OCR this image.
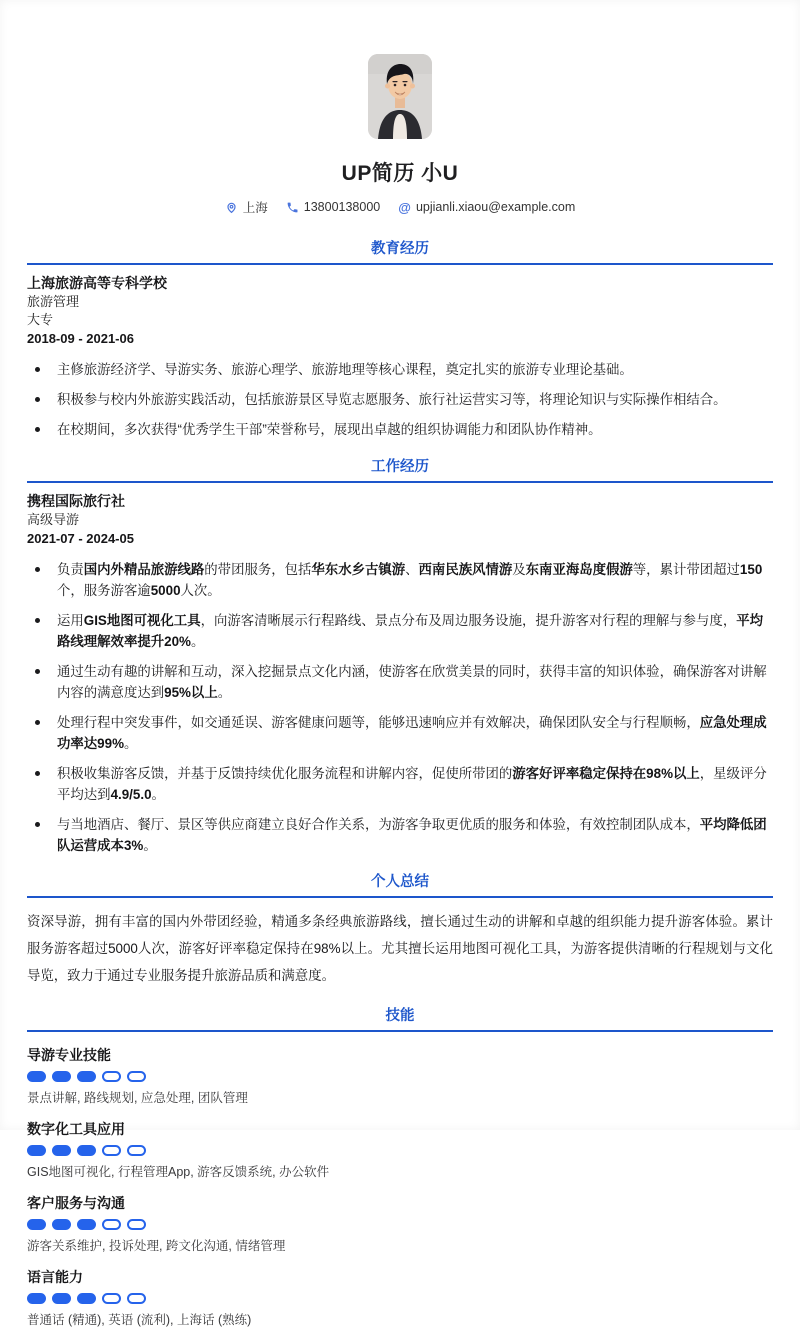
UP简历 小U
上海	13800138000 @ upjianli.xiaou@example.com
教育经历
上海旅游高等专科学校
旅游管理
大专
2018-09 - 2021-06
主修旅游经济学、导游实务、旅游心理学、旅游地理等核心课程，奠定扎实的旅游专业理论基础。
积极参与校内外旅游实践活动，包括旅游景区导览志愿服务、旅行社运营实习等，将理论知识与实际操作相结合。
在校期间，多次获得“优秀学生干部”荣誉称号，展现出卓越的组织协调能力和团队协作精神。
工作经历
携程国际旅行社
高级导游
2021-07 - 2024-05
负责国内外精品旅游线路的带团服务，包括华东水乡古镇游、西南民族风情游及东南亚海岛度假游等，累计带团超过150个，服务游客逾5000人次。
运用GIS地图可视化工具，向游客清晰展示行程路线、景点分布及周边服务设施，提升游客对行程的理解与参与度，平均路线理解效率提升20%。
通过生动有趣的讲解和互动，深入挖掘景点文化内涵，使游客在欣赏美景的同时，获得丰富的知识体验，确保游客对讲解内容的满意度达到95%以上。
处理行程中突发事件，如交通延误、游客健康问题等，能够迅速响应并有效解决，确保团队安全与行程顺畅，应急处理成功率达99%。
积极收集游客反馈，并基于反馈持续优化服务流程和讲解内容，促使所带团的游客好评率稳定保持在98%以上，星级评分平均达到4.9/5.0。
与当地酒店、餐厅、景区等供应商建立良好合作关系，为游客争取更优质的服务和体验，有效控制团队成本，平均降低团队运营成本3%。
个人总结

资深导游，拥有丰富的国内外带团经验，精通多条经典旅游路线，擅长通过生动的讲解和卓越的组织能力提升游客体验。累计服务游客超过5000人次，游客好评率稳定保持在98%以上。尤其擅长运用地图可视化工具，为游客提供清晰的行程规划与文化导览，致力于通过专业服务提升旅游品质和满意度。

技能
导游专业技能
景点讲解, 路线规划, 应急处理, 团队管理
数字化工具应用
GIS地图可视化, 行程管理App, 游客反馈系统, 办公软件
客户服务与沟通
游客关系维护, 投诉处理, 跨文化沟通, 情绪管理
语言能力
普通话 (精通), 英语 (流利), 上海话 (熟练)
